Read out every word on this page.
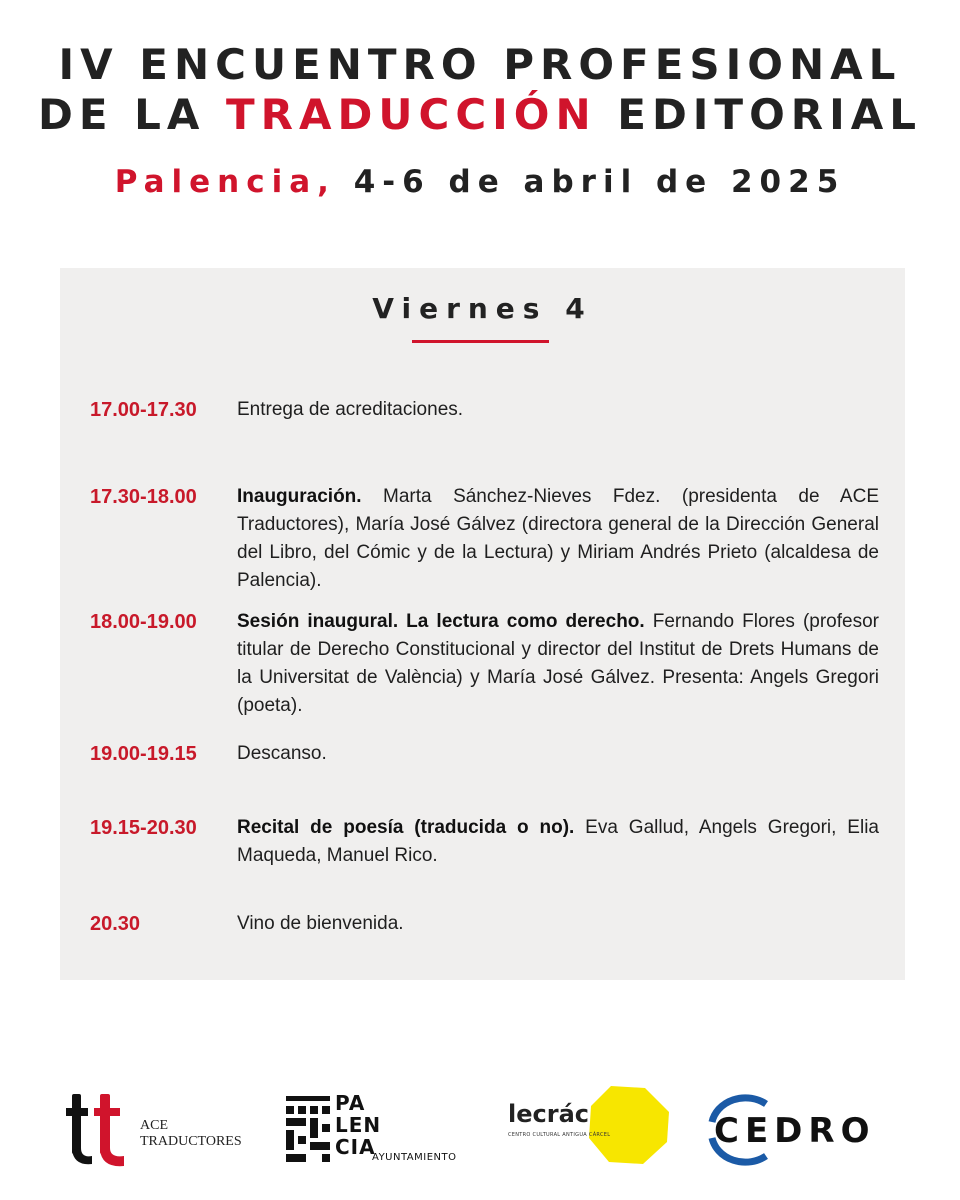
IV ENCUENTRO PROFESIONAL
DE LA TRADUCCIÓN EDITORIAL
Palencia, 4-6 de abril de 2025
Viernes 4
17.00-17.30	Entrega de acreditaciones.
17.30-18.00	Inauguración. Marta Sánchez-Nieves Fdez. (presidenta de ACE Traductores), María José Gálvez (directora general de la Dirección General del Libro, del Cómic y de la Lectura) y Miriam Andrés Prieto (alcaldesa de Palencia).
18.00-19.00	Sesión inaugural. La lectura como derecho. Fernando Flores (profesor titular de Derecho Constitucional y director del Institut de Drets Humans de la Universitat de València) y María José Gálvez. Presenta: Angels Gregori (poeta).
19.00-19.15	Descanso.
19.15-20.30	Recital de poesía (traducida o no). Eva Gallud, Angels Gregori, Elia Maqueda, Manuel Rico.
20.30	Vino de bienvenida.
ACE
TRADUCTORES
PA
LEN
CIA
AYUNTAMIENTO
lecrác
CENTRO CULTURAL ANTIGUA CÁRCEL	CEDRO
